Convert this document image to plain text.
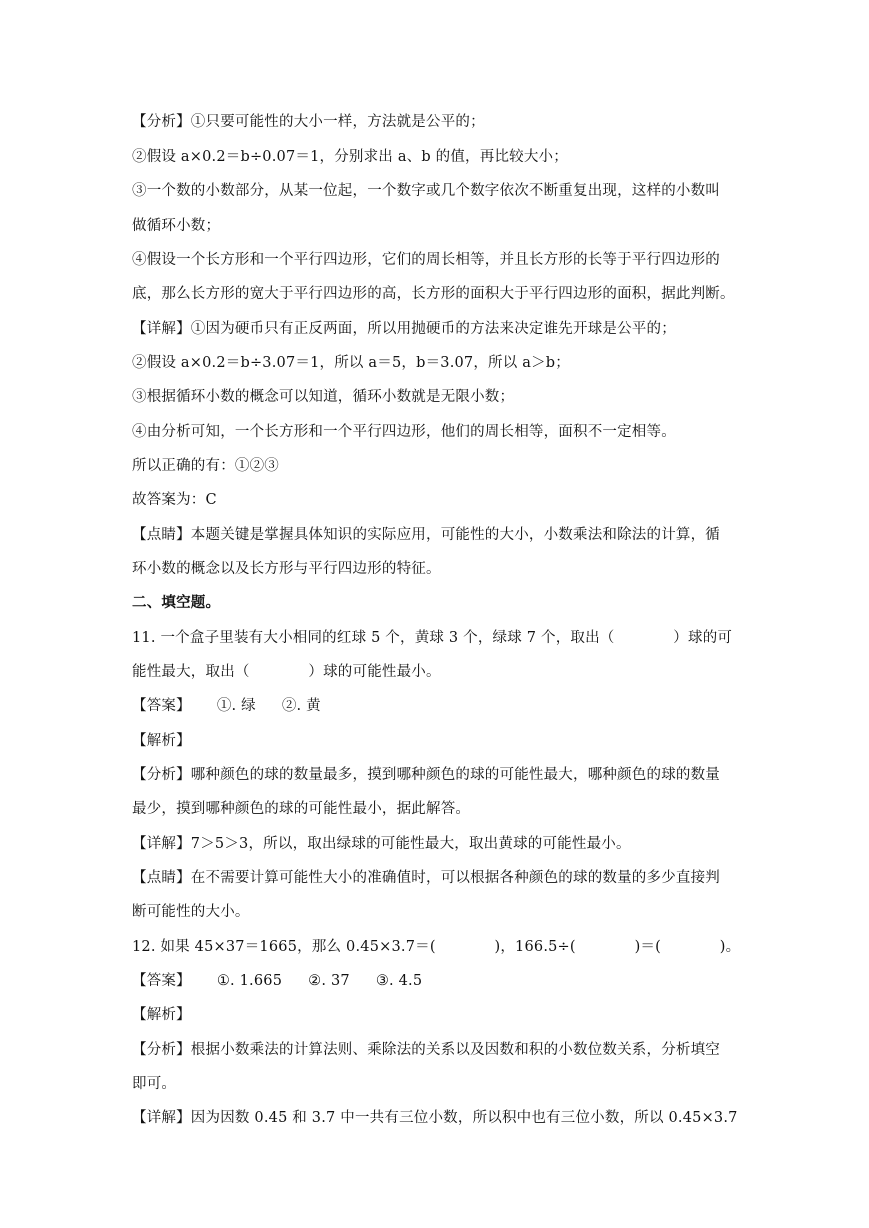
【分析】①只要可能性的大小一样，方法就是公平的；
②假设 a×0.2＝b÷0.07＝1，分别求出 a、b 的值，再比较大小；
③一个数的小数部分，从某一位起，一个数字或几个数字依次不断重复出现，这样的小数叫
做循环小数；
④假设一个长方形和一个平行四边形，它们的周长相等，并且长方形的长等于平行四边形的
底，那么长方形的宽大于平行四边形的高，长方形的面积大于平行四边形的面积，据此判断。
【详解】①因为硬币只有正反两面，所以用抛硬币的方法来决定谁先开球是公平的；
②假设 a×0.2＝b÷3.07＝1，所以 a＝5，b＝3.07，所以 a＞b；
③根据循环小数的概念可以知道，循环小数就是无限小数；
④由分析可知，一个长方形和一个平行四边形，他们的周长相等，面积不一定相等。
所以正确的有：①②③
故答案为：C
【点睛】本题关键是掌握具体知识的实际应用，可能性的大小，小数乘法和除法的计算，循
环小数的概念以及长方形与平行四边形的特征。
二、填空题。
11. 一个盒子里装有大小相同的红球 5 个，黄球 3 个，绿球 7 个，取出（　　　　）球的可
能性最大，取出（　　　　）球的可能性最小。
【答案】 ①. 绿 ②. 黄
【解析】
【分析】哪种颜色的球的数量最多，摸到哪种颜色的球的可能性最大，哪种颜色的球的数量
最少，摸到哪种颜色的球的可能性最小，据此解答。
【详解】7＞5＞3，所以，取出绿球的可能性最大，取出黄球的可能性最小。
【点睛】在不需要计算可能性大小的准确值时，可以根据各种颜色的球的数量的多少直接判
断可能性的大小。
12. 如果 45×37＝1665，那么 0.45×3.7＝(　　　　)，166.5÷(　　　　)＝(　　　　)。
【答案】 ①. 1.665 ②. 37 ③. 4.5
【解析】
【分析】根据小数乘法的计算法则、乘除法的关系以及因数和积的小数位数关系，分析填空
即可。
【详解】因为因数 0.45 和 3.7 中一共有三位小数，所以积中也有三位小数，所以 0.45×3.7
